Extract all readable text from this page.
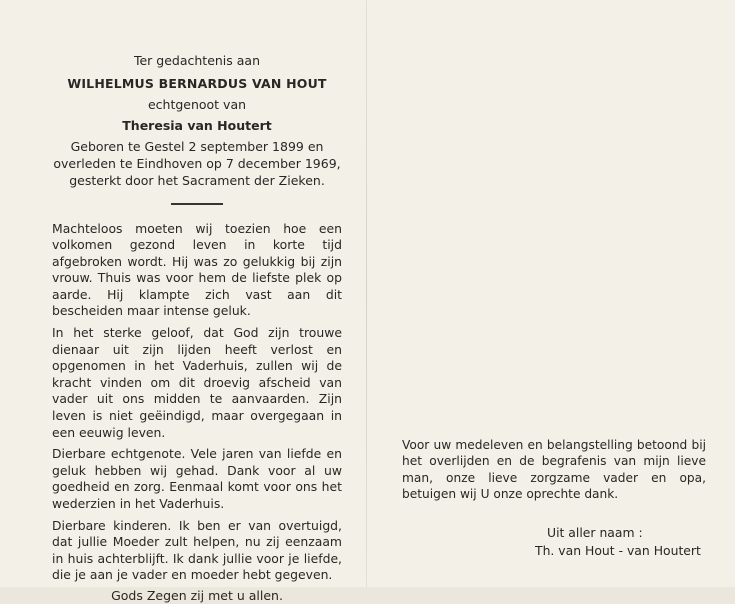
Ter gedachtenis aan
WILHELMUS BERNARDUS VAN HOUT
echtgenoot van
Theresia van Houtert
Geboren te Gestel 2 september 1899 en overleden te Eindhoven op 7 december 1969, gesterkt door het Sacrament der Zieken.

Machteloos moeten wij toezien hoe een volkomen gezond leven in korte tijd afgebroken wordt. Hij was zo gelukkig bij zijn vrouw. Thuis was voor hem de liefste plek op aarde. Hij klampte zich vast aan dit bescheiden maar intense geluk.

In het sterke geloof, dat God zijn trouwe dienaar uit zijn lijden heeft verlost en opgenomen in het Vaderhuis, zullen wij de kracht vinden om dit droevig afscheid van vader uit ons midden te aanvaarden. Zijn leven is niet geëindigd, maar overgegaan in een eeuwig leven.

Dierbare echtgenote. Vele jaren van liefde en geluk hebben wij gehad. Dank voor al uw goedheid en zorg. Eenmaal komt voor ons het wederzien in het Vaderhuis.

Dierbare kinderen. Ik ben er van overtuigd, dat jullie Moeder zult helpen, nu zij eenzaam in huis achterblijft. Ik dank jullie voor je liefde, die je aan je vader en moeder hebt gegeven.

Gods Zegen zij met u allen.

Voor uw medeleven en belangstelling betoond bij het overlijden en de begrafenis van mijn lieve man, onze lieve zorgzame vader en opa, betuigen wij U onze oprechte dank.

Uit aller naam :
Th. van Hout - van Houtert
